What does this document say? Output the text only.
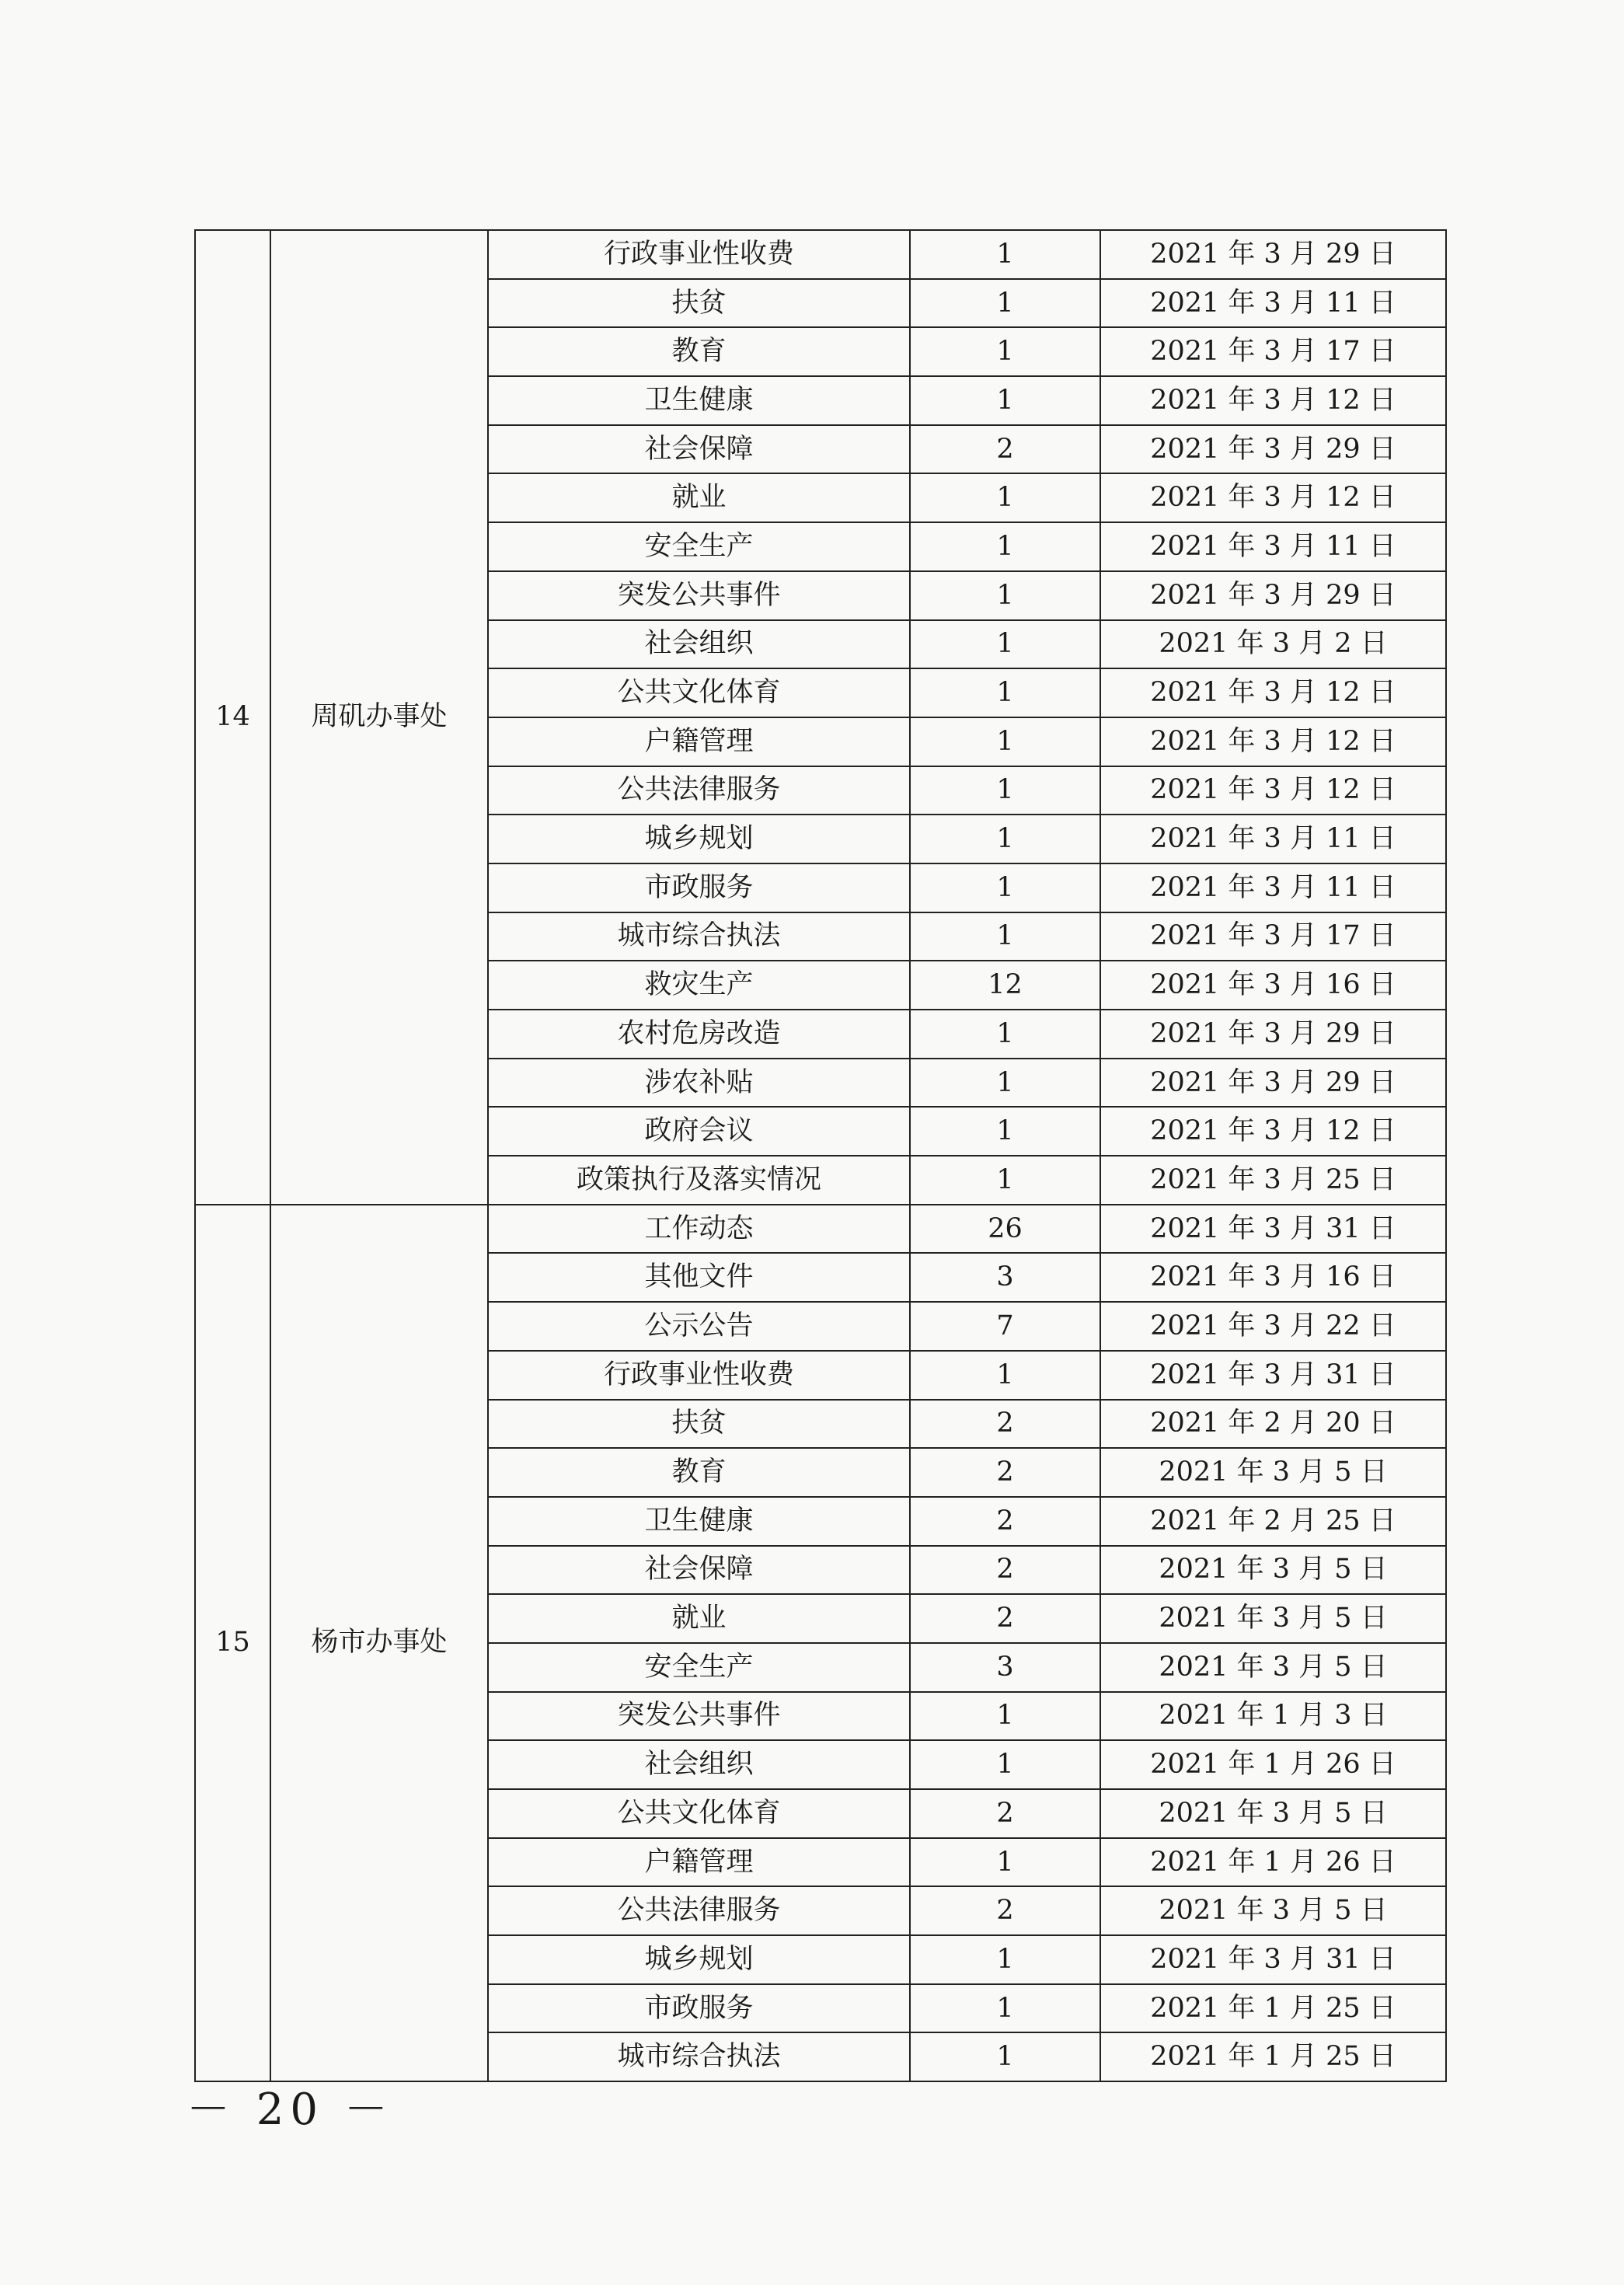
14	周矶办事处	行政事业性收费	1	2021 年 3 月 29 日
		扶贫	1	2021 年 3 月 11 日
		教育	1	2021 年 3 月 17 日
		卫生健康	1	2021 年 3 月 12 日
		社会保障	2	2021 年 3 月 29 日
		就业	1	2021 年 3 月 12 日
		安全生产	1	2021 年 3 月 11 日
		突发公共事件	1	2021 年 3 月 29 日
		社会组织	1	2021 年 3 月 2 日
		公共文化体育	1	2021 年 3 月 12 日
		户籍管理	1	2021 年 3 月 12 日
		公共法律服务	1	2021 年 3 月 12 日
		城乡规划	1	2021 年 3 月 11 日
		市政服务	1	2021 年 3 月 11 日
		城市综合执法	1	2021 年 3 月 17 日
		救灾生产	12	2021 年 3 月 16 日
		农村危房改造	1	2021 年 3 月 29 日
		涉农补贴	1	2021 年 3 月 29 日
		政府会议	1	2021 年 3 月 12 日
		政策执行及落实情况	1	2021 年 3 月 25 日
15	杨市办事处	工作动态	26	2021 年 3 月 31 日
		其他文件	3	2021 年 3 月 16 日
		公示公告	7	2021 年 3 月 22 日
		行政事业性收费	1	2021 年 3 月 31 日
		扶贫	2	2021 年 2 月 20 日
		教育	2	2021 年 3 月 5 日
		卫生健康	2	2021 年 2 月 25 日
		社会保障	2	2021 年 3 月 5 日
		就业	2	2021 年 3 月 5 日
		安全生产	3	2021 年 3 月 5 日
		突发公共事件	1	2021 年 1 月 3 日
		社会组织	1	2021 年 1 月 26 日
		公共文化体育	2	2021 年 3 月 5 日
		户籍管理	1	2021 年 1 月 26 日
		公共法律服务	2	2021 年 3 月 5 日
		城乡规划	1	2021 年 3 月 31 日
		市政服务	1	2021 年 1 月 25 日
		城市综合执法	1	2021 年 1 月 25 日
－ 20 －
